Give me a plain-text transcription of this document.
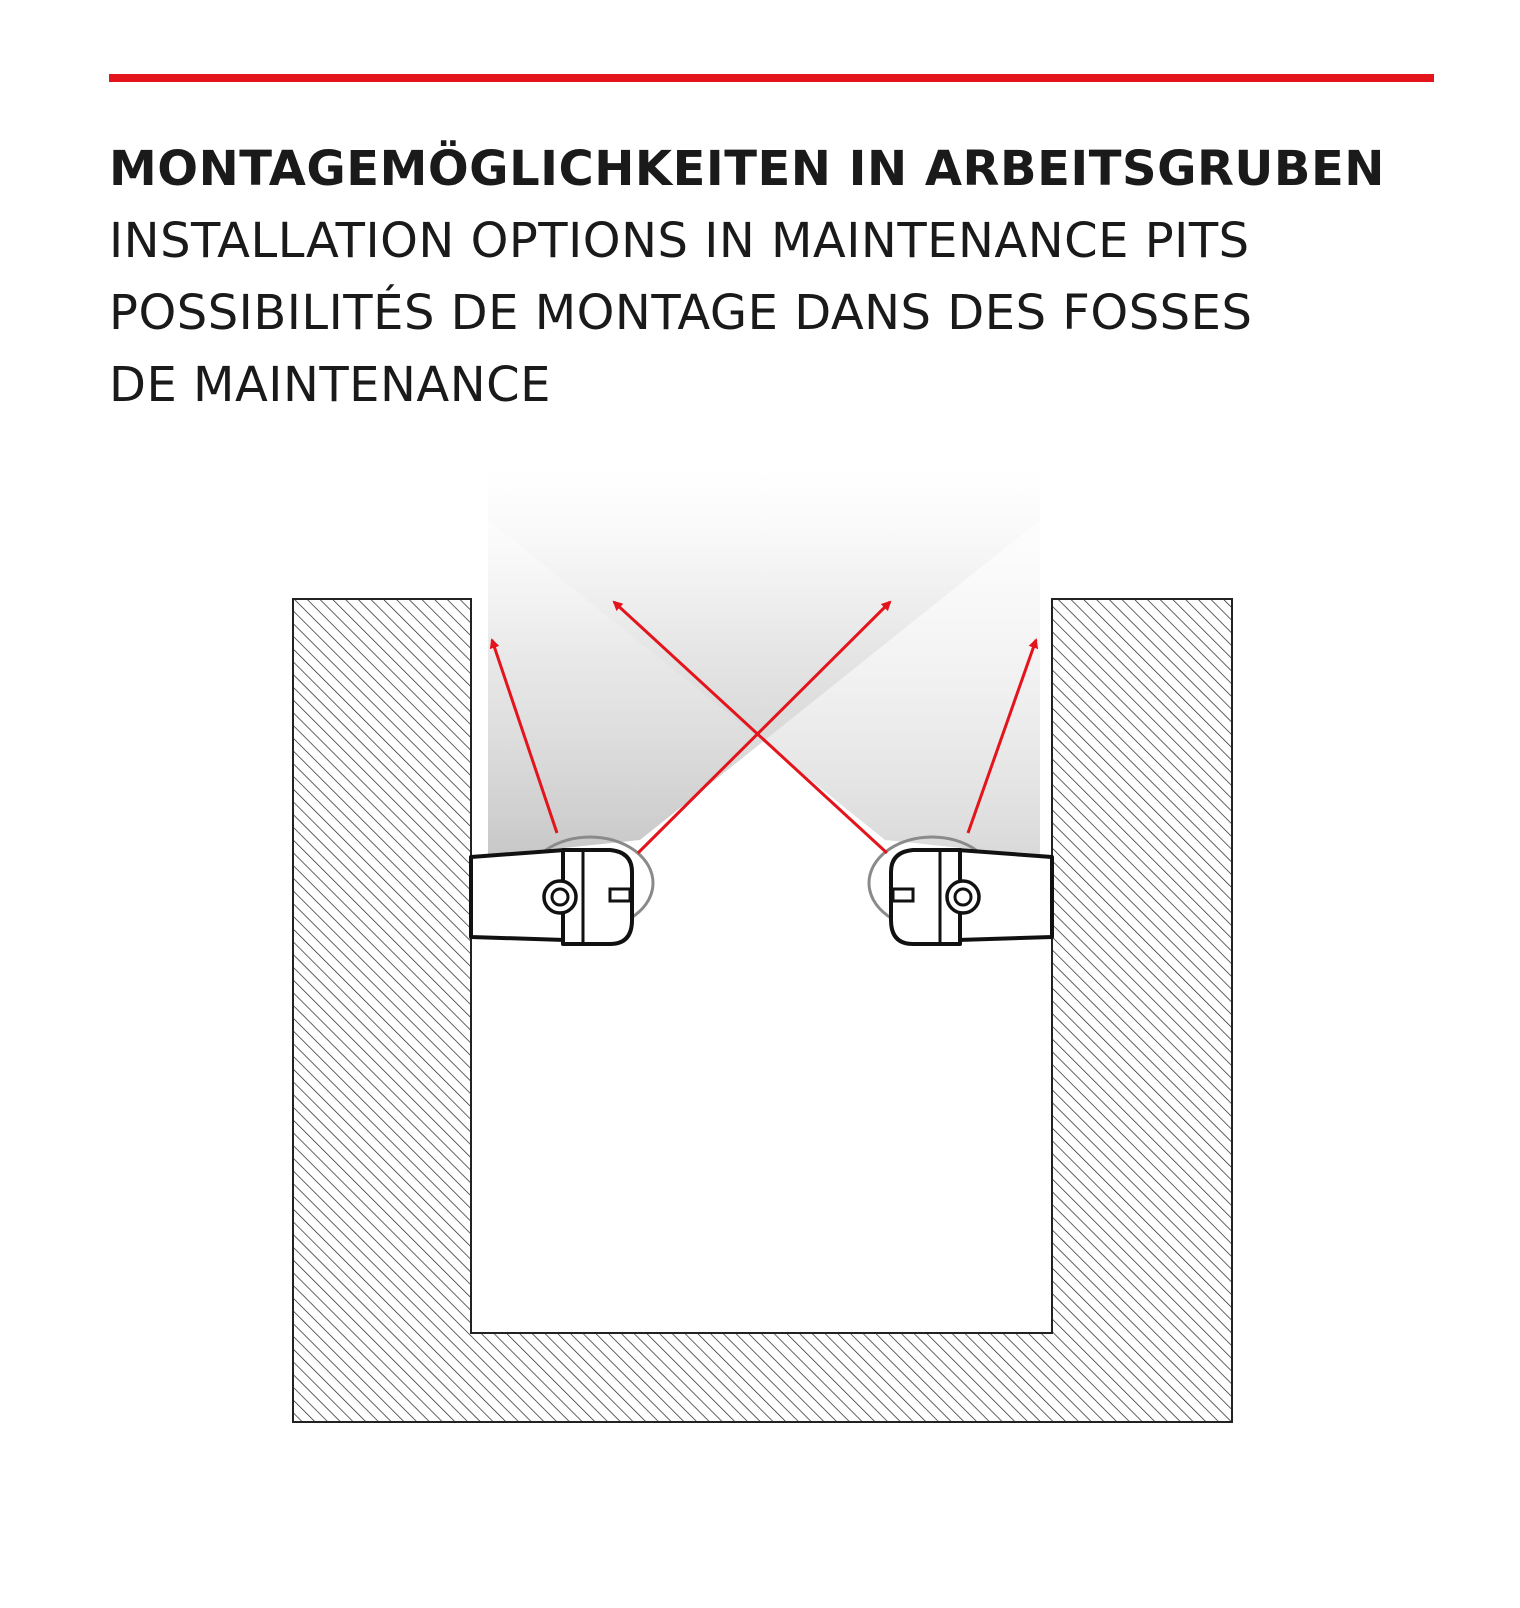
MONTAGEMÖGLICHKEITEN IN ARBEITSGRUBEN
INSTALLATION OPTIONS IN MAINTENANCE PITS
POSSIBILITÉS DE MONTAGE DANS DES FOSSES
DE MAINTENANCE
